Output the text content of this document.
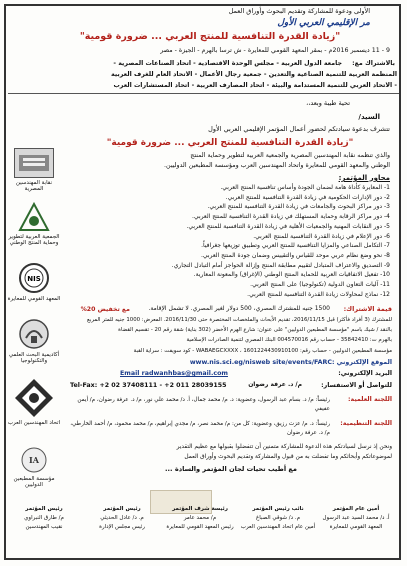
الأولى ودعوة للمشاركة وتقديم البحوث وأوراق العمل
مر الإقليمي العربي الأول
"زيادة القدرة التنافسية للمنتج العربي ... ضرورة قومية"
9 - 11 ديسمبر 2016م - بمقر المعهد القومي للمعايرة - ش ترسا بالهرم - الجيزة - مصر
بالاشتراك مع:
جامعة الدول العربية - مجلس الوحدة الاقتصادية - اتحاد الصناعات المصرية -
المنظمة العربية للتنمية الصناعية والتعدين - جمعية رجال الأعمال - الاتحاد العام للغرف العربية
- الاتحاد العربي للتنمية المستدامة والبيئة - اتحاد المصارف العربية - اتحاد المستشارات العرب
نقابة المهندسين المصرية
الجمعية العربية لتطوير وحماية المنتج الوطني
NIS
المعهد القومي للمعايرة
أكاديمية البحث العلمي والتكنولوجيا
اتحاد المهندسين العرب
IA
مؤسسة المطبعين الدوليين
تحية طيبة وبعد،،
السيد/
تتشرف بدعوة سيادتكم لحضور أعمال المؤتمر الإقليمي العربي الأول
"زيادة القدرة التنافسية للمنتج العربي ... ضرورة قومية"
والذي تنظمه نقابة المهندسين المصرية والجمعية العربية لتطوير وحماية المنتج
الوطني والمعهد القومي للمعايرة واتحاد المهندسين العرب ومؤسسة المطبعين الدوليين.
محاور المؤتمر:
1- المعايرة كأداة هامة لضمان الجودة وأساس تنافسية المنتج العربي.
2- دور الإدارات الحكومية في زيادة القدرة التنافسية للمنتج العربي.
3- دور مراكز البحوث والجامعات في زيادة القدرة التنافسية للمنتج العربي.
4- دور مراكز الرقابة وحماية المستهلك في زيادة القدرة التنافسية للمنتج العربي.
5- دور النقابات المهنية والجمعيات الأهلية في زيادة القدرة التنافسية للمنتج العربي.
6- دور الإعلام في زيادة القدرة التنافسية للمنتج العربي.
7- التكامل الصناعي والمزايا التنافسية للمنتج العربي وتطبيق توزيعها جغرافياً.
8- نحو وضع نظام عربي موحد للقياس والتقييس وضمان جودة المنتج العربي.
9- التصديق والاعتراف المتبادل لتقييم مطابقة المنتج وإزالة الحواجز أمام التبادل التجاري.
10- تفعيل الاتفاقيات العربية للحماية المنتج الوطني (الإغراق) والمعونة المعارية.
11- آليات التعاون الدولية (تكنولوجيا) على المنتج العربي.
12- نماذج لمحاولات زيادة القدرة التنافسية للمنتج العربي.
قيمة الاشتراك:
1500 جنيه للمشترك المصري، 500 دولار لغير المصري. لا تشمل الإقامة.
مع تخفيض 20%
للمشترك (3 أفراد فأكثر) قبل 2016/11/15، تقديم الأبحاث والملخصات المختصرة حتى 2016/11/30. المعرض: 1000 جنيه للمتر المربع
بالنقد / شيك باسم "مؤسسة المطبعين الدوليين" على عنوان: شارع الهرم الأخضر (302 بناية) شقة رقم 20 - تقسيم القضاة
بالهرم ت: 35842410 - حساب رقم 004570016 البنك المصري لتنمية الصادرات الإسلامية
مؤسسة المطبعين الدوليين - حساب رقم: WABAEGCXXXX ، 1601224430910100 - كود سويفت : سراية القبة
www.nis.sci.eg/nisweb site/events/FARC: الموقع الإلكتروني
البريد الإلكتروني:
Email radwanhbas@gmail.com
للتواصل أو الاستفسار:
Tel-Fax: +2 02 37408111 - +2 011 28039155	م/ د. عرفة رضوان
اللجنة العلمية:
رئيساً: م/ د. بسام عبد الرسول، وعضوية: د. م/ محمد جمال، أ. د/ محمد علي نور، م/ د. عرفة رضوان، م/ أيمن عفيفي
اللجنة التنظيمية:
رئيساً: د. م/ عزت رزيق، وعضوية: كل من: م/ محمد نصر، م/ مجدي إبراهيم، م/ محمد محمود، م/ أحمد الخارطي، م/ د. عرفة رضوان
ونحن إذ نرسل لسيادتكم هذه الدعوة للمشاركة متمنين أن تتفضلوا بقبولها مع عظيم التقدير
لموضوعاتكم وأبحاثكم وما تفضلت به من قبول والمشاركة وتقديم البحوث وأوراق العمل
مع أطيب تحيات لجان المؤتمر والسادة ...
أمين عام المؤتمر
أ. د/ محمد السيد عبد الرسول
المعهد القومي للمعايرة
نائب رئيس المؤتمر
م. د/ شوقي الصباغ
أمين عام اتحاد المهندسين العرب
رئيسة شرف المؤتمر
م/ محمد عامر
رئيس المعهد القومي للمعايرة
رئيس المؤتمر
م. د/ عادل الحديثي
رئيس مجلس الإدارة
رئيس المؤتمر
م/ طارق النبراوي
نقيب المهندسين
